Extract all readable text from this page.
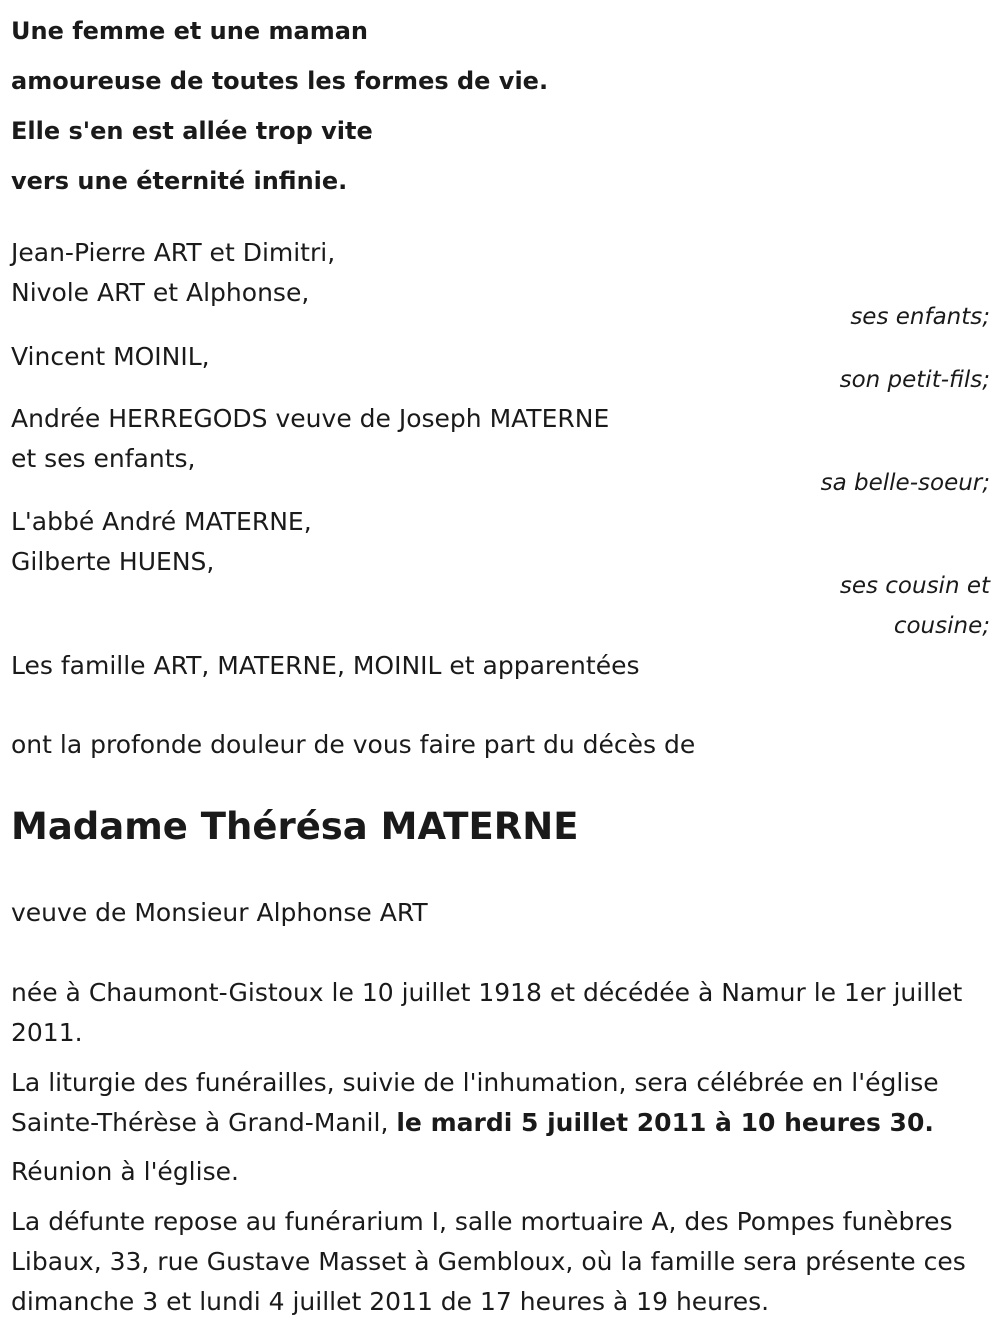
Une femme et une maman
amoureuse de toutes les formes de vie.
Elle s'en est allée trop vite
vers une éternité infinie.
Jean-Pierre ART et Dimitri,
Nivole ART et Alphonse,
ses enfants;
Vincent MOINIL,
son petit-fils;
Andrée HERREGODS veuve de Joseph MATERNE
et ses enfants,
sa belle-soeur;
L'abbé André MATERNE,
Gilberte HUENS,
ses cousin et
cousine;
Les famille ART, MATERNE, MOINIL et apparentées
ont la profonde douleur de vous faire part du décès de
Madame Thérésa MATERNE
veuve de Monsieur Alphonse ART
née à Chaumont-Gistoux le 10 juillet 1918 et décédée à Namur le 1er juillet 2011.
La liturgie des funérailles, suivie de l'inhumation, sera célébrée en l'église Sainte-Thérèse à Grand-Manil, le mardi 5 juillet 2011 à 10 heures 30.
Réunion à l'église.
La défunte repose au funérarium I, salle mortuaire A, des Pompes funèbres Libaux, 33, rue Gustave Masset à Gembloux, où la famille sera présente ces dimanche 3 et lundi 4 juillet 2011 de 17 heures à 19 heures.
